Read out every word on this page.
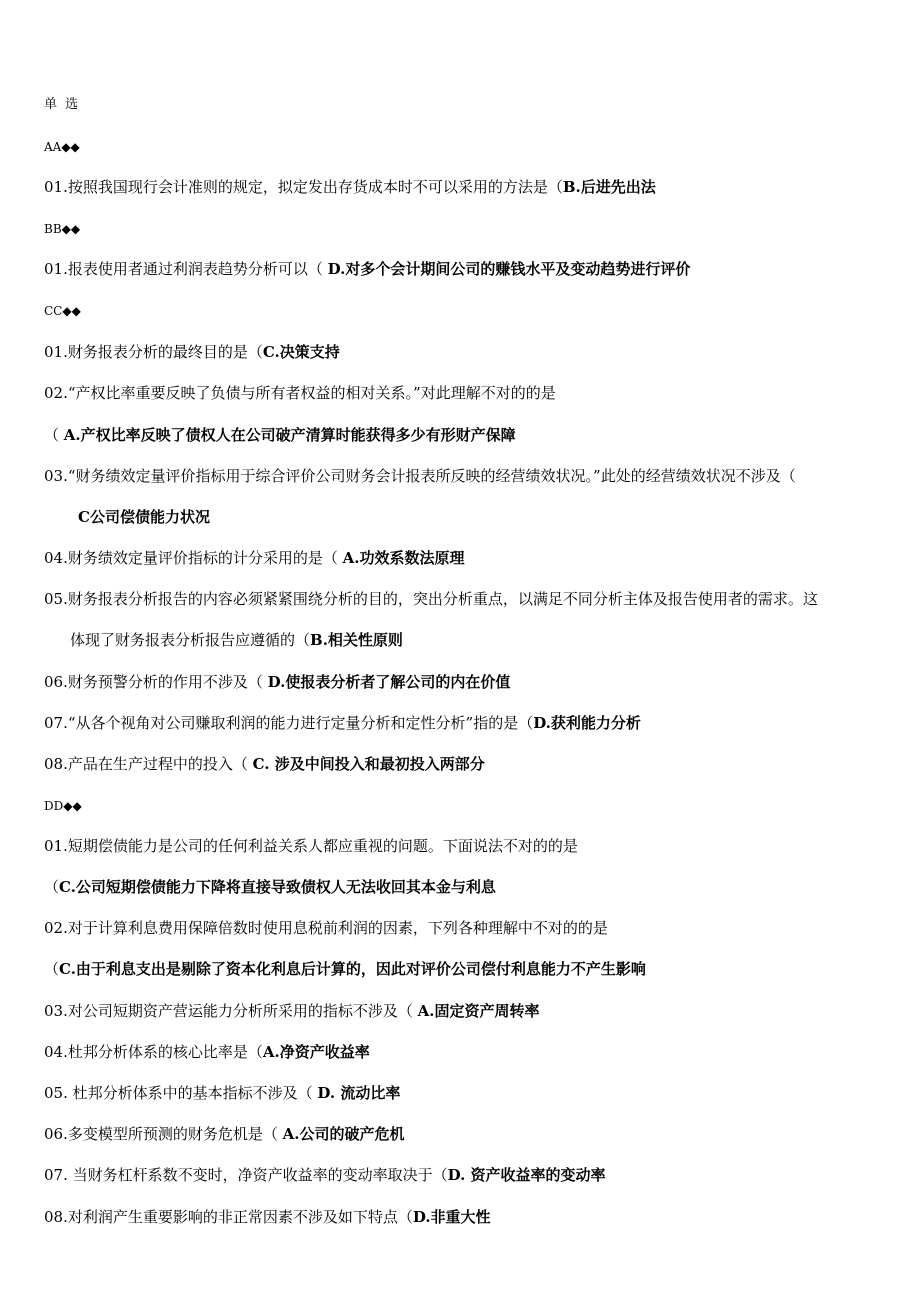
单 选
AA◆◆
01.按照我国现行会计准则的规定，拟定发出存货成本时不可以采用的方法是（B.后进先出法
BB◆◆
01.报表使用者通过利润表趋势分析可以（ D.对多个会计期间公司的赚钱水平及变动趋势进行评价
CC◆◆
01.财务报表分析的最终目的是（C.决策支持
02.“产权比率重要反映了负债与所有者权益的相对关系。”对此理解不对的的是
（ A.产权比率反映了债权人在公司破产清算时能获得多少有形财产保障
03.“财务绩效定量评价指标用于综合评价公司财务会计报表所反映的经营绩效状况。”此处的经营绩效状况不涉及（
C公司偿债能力状况
04.财务绩效定量评价指标的计分采用的是（ A.功效系数法原理
05.财务报表分析报告的内容必须紧紧围绕分析的目的，突出分析重点，以满足不同分析主体及报告使用者的需求。这
体现了财务报表分析报告应遵循的（B.相关性原则
06.财务预警分析的作用不涉及（ D.使报表分析者了解公司的内在价值
07.“从各个视角对公司赚取利润的能力进行定量分析和定性分析”指的是（D.获利能力分析
08.产品在生产过程中的投入（ C. 涉及中间投入和最初投入两部分
DD◆◆
01.短期偿债能力是公司的任何利益关系人都应重视的问题。下面说法不对的的是
（C.公司短期偿债能力下降将直接导致债权人无法收回其本金与利息
02.对于计算利息费用保障倍数时使用息税前利润的因素，下列各种理解中不对的的是
（C.由于利息支出是剔除了资本化利息后计算的，因此对评价公司偿付利息能力不产生影响
03.对公司短期资产营运能力分析所采用的指标不涉及（ A.固定资产周转率
04.杜邦分析体系的核心比率是（A.净资产收益率
05. 杜邦分析体系中的基本指标不涉及（ D. 流动比率
06.多变模型所预测的财务危机是（ A.公司的破产危机
07. 当财务杠杆系数不变时，净资产收益率的变动率取决于（D. 资产收益率的变动率
08.对利润产生重要影响的非正常因素不涉及如下特点（D.非重大性
